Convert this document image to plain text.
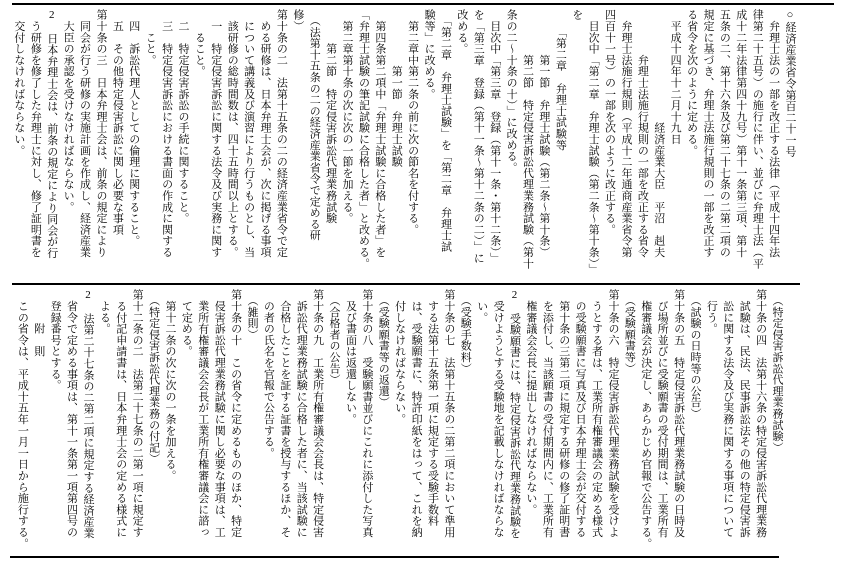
○経済産業省令第百二十一号
　弁理士法の一部を改正する法律（平成十四年法
律第二十五号）の施行に伴い、並びに弁理士法（平
成十二年法律第四十九号）第十一条第三項、第十
五条の二、第十六条及び第二十七条の二第二項の
規定に基づき、弁理士法施行規則の一部を改正す
る省令を次のように定める。
　平成十四年十二月十九日
　　　　　　　　　　経済産業大臣　平沼　赳夫
　　　　弁理士法施行規則の一部を改正する省令
　弁理士法施行規則（平成十二年通商産業省令第
四百十一号）の一部を次のように改正する。
　目次中「第二章　弁理士試験（第二条～第十条）」
を
　　「第二章　弁理士試験等
　　　　第一節　弁理士試験（第二条～第十条）
　　　　第二節　特定侵害訴訟代理業務試験（第十
条の二～十条の十）」に改める。
　目次中「第三章　登録（第十一条・第十二条）」
を「第三章　登録（第十一条～第十二条の二）」に
改める。
　「第二章　弁理士試験」を「第二章　弁理士試
験等」に改める。
　第二章中第二条の前に次の節名を付する。
　　　　　第一節　弁理士試験
　第四条第二項中「弁理士試験に合格した者」を
「弁理士試験の筆記試験に合格した者」と改める。
　第二章第十条の次に次の一節を加える。
　　　第二節　特定侵害訴訟代理業務試験
　（法第十五条の二の経済産業省令で定める研
修）
第十条の二　法第十五条の二の経済産業省令で定
　める研修は、日本弁理士会が、次に掲げる事項
　について講義及び演習により行うものとし、当
　該研修の総時間数は、四十五時間以上とする。
　一　特定侵害訴訟に関する法令及び実務に関す
　　ること。
　二　特定侵害訴訟の手続に関すること。
　三　特定侵害訴訟における書面の作成に関する
　　こと。
　四　訴訟代理人としての倫理に関すること。
　五　その他特定侵害訴訟に関し必要な事項
第十条の三　日本弁理士会は、前条の規定により
　同会が行う研修の実施計画を作成し、経済産業
　大臣の承認を受けなければならない。
2　日本弁理士会は、前条の規定により同会が行
　う研修を修了した弁理士に対し、修了証明書を
　交付しなければならない。
　（特定侵害訴訟代理業務試験）
第十条の四　法第十六条の特定侵害訴訟代理業務
　試験は、民法、民事訴訟法その他の特定侵害訴
　訟に関する法令及び実務に関する事項について
　行う。
　（試験の日時等の公告）
第十条の五　特定侵害訴訟代理業務試験の日時及
　び場所並びに受験願書の受付期間は、工業所有
　権審議会が決定し、あらかじめ官報で公告する。
　（受験願書等）
第十条の六　特定侵害訴訟代理業務試験を受けよ
　うとする者は、工業所有権審議会の定める様式
　の受験願書に写真及び日本弁理士会が交付する
　第十条の三第二項に規定する研修の修了証明書
　を添付し、当該願書の受付期間内に、工業所有
　権審議会会長に提出しなければならない。
2　受験願書には、特定侵害訴訟代理業務試験を
　受けようとする受験地を記載しなければならな
　い。
　（受験手数料）
第十条の七　法第十五条の二第二項において準用
　する法第十五条第一項に規定する受験手数料
　は、受験願書に、特許印紙をはって、これを納
　付しなければならない。
　（受験願書等の返還）
第十条の八　受験願書並びにこれに添付した写真
　及び書面は返還しない。
　（合格者の公告）
第十条の九　工業所有権審議会会長は、特定侵害
　訴訟代理業務試験に合格した者に、当該試験に
　合格したことを証する証書を授与するほか、そ
　の者の氏名を官報で公告する。
　（雑則）
第十条の十　この省令に定めるもののほか、特定
　侵害訴訟代理業務試験に関し必要な事項は、工
　業所有権審議会会長が工業所有権審議会に諮っ
　て定める。
　第十二条の次に次の一条を加える。
　（特定侵害訴訟代理業務の付記）
第十二条の二　法第二十七条の二第一項に規定す
　る付記申請書は、日本弁理士会の定める様式に
　よる。
2　法第二十七条の二第二項に規定する経済産業
　省令で定める事項は、第十一条第一項第四号の
　登録番号とする。
　　　附　則
　この省令は、平成十五年一月一日から施行する。
